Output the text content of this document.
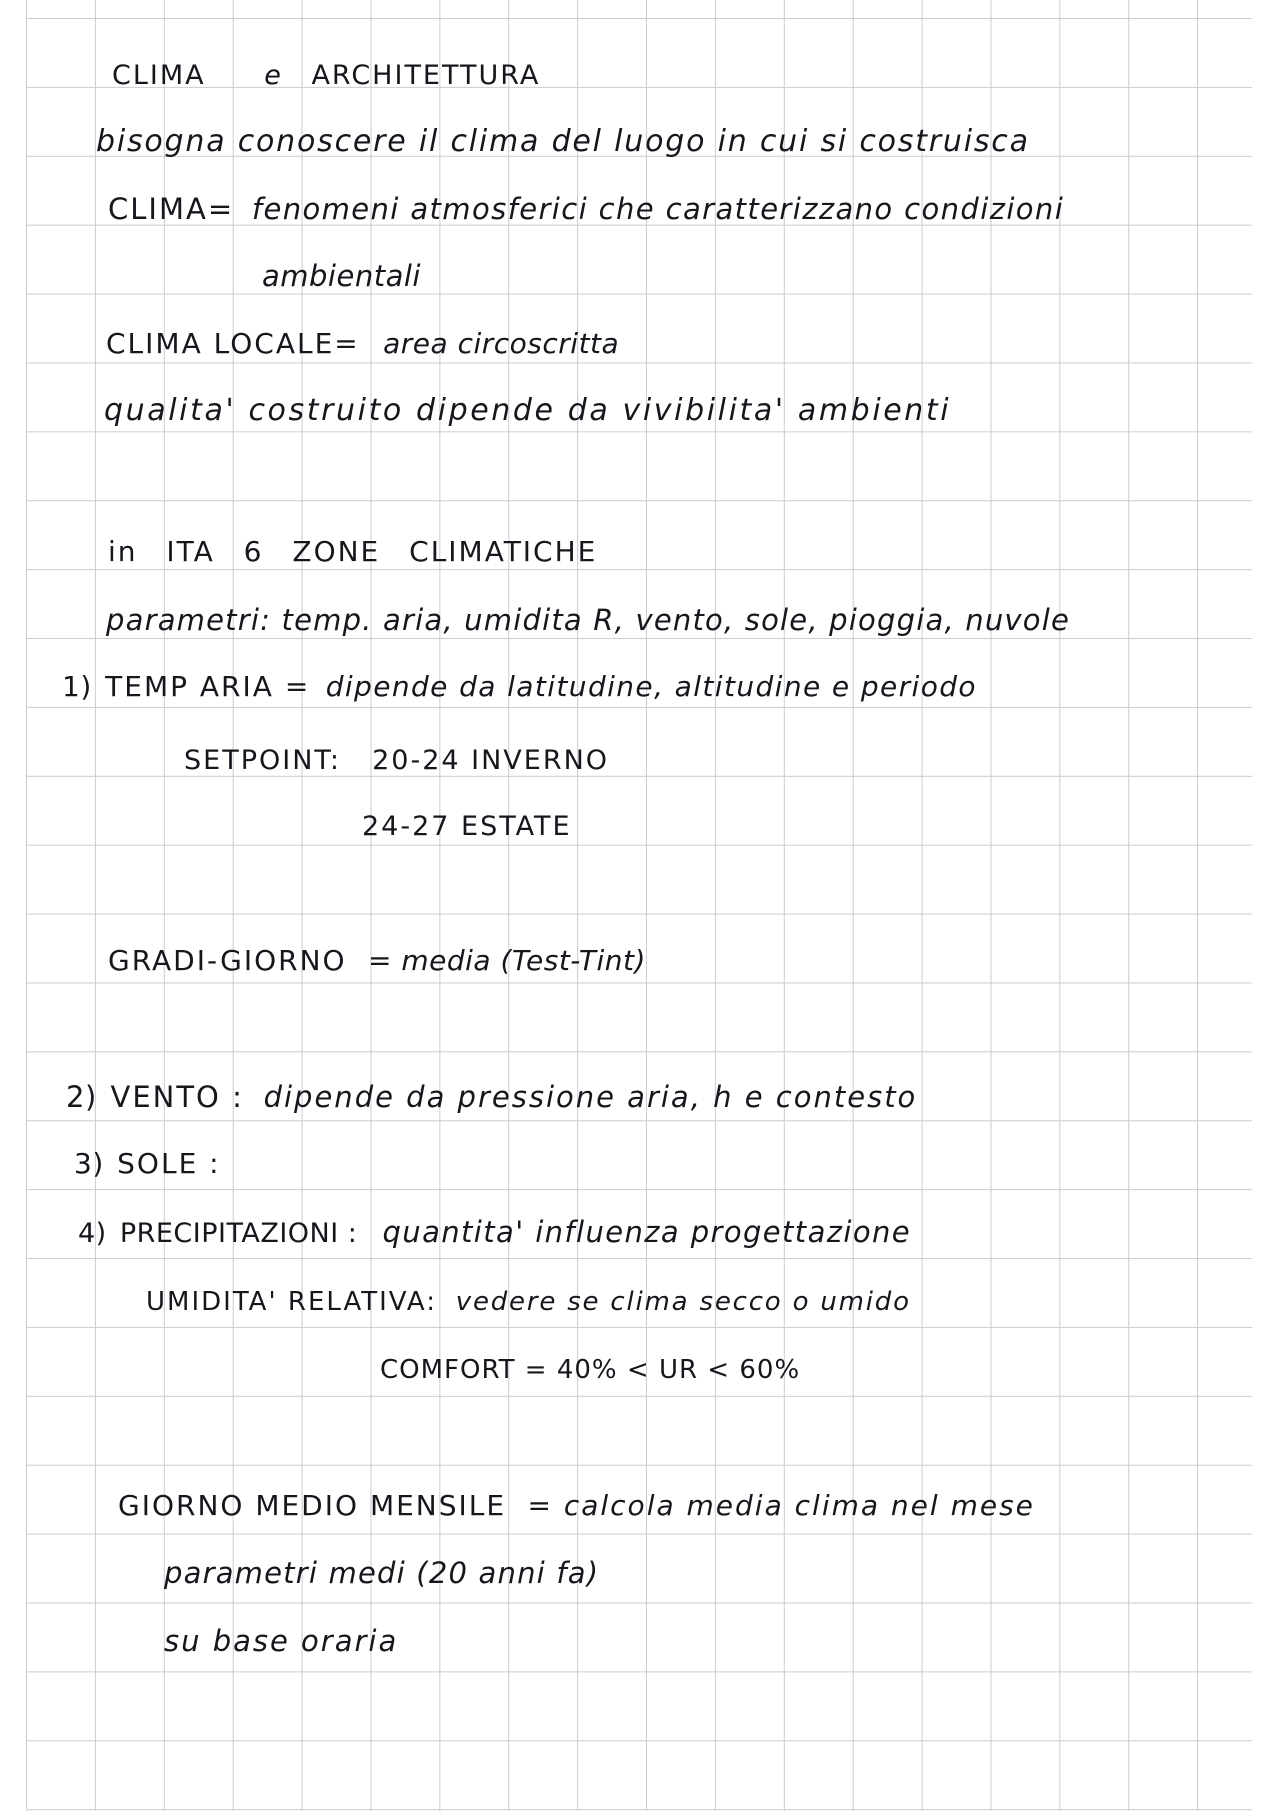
CLIMA e ARCHITETTURA
bisogna conoscere il clima del luogo in cui si costruisca
CLIMA= fenomeni atmosferici che caratterizzano condizioni
ambientali
CLIMA LOCALE= area circoscritta
qualita' costruito dipende da vivibilita' ambienti
in ITA 6 ZONE CLIMATICHE
parametri: temp. aria, umidita R, vento, sole, pioggia, nuvole
1) TEMP ARIA = dipende da latitudine, altitudine e periodo
SETPOINT: 20-24 INVERNO
24-27 ESTATE
GRADI-GIORNO = media (Test-Tint)
2) VENTO : dipende da pressione aria, h e contesto
3) SOLE :
4) PRECIPITAZIONI : quantita' influenza progettazione
UMIDITA' RELATIVA: vedere se clima secco o umido
COMFORT = 40% < UR < 60%
GIORNO MEDIO MENSILE = calcola media clima nel mese
parametri medi (20 anni fa)
su base oraria
